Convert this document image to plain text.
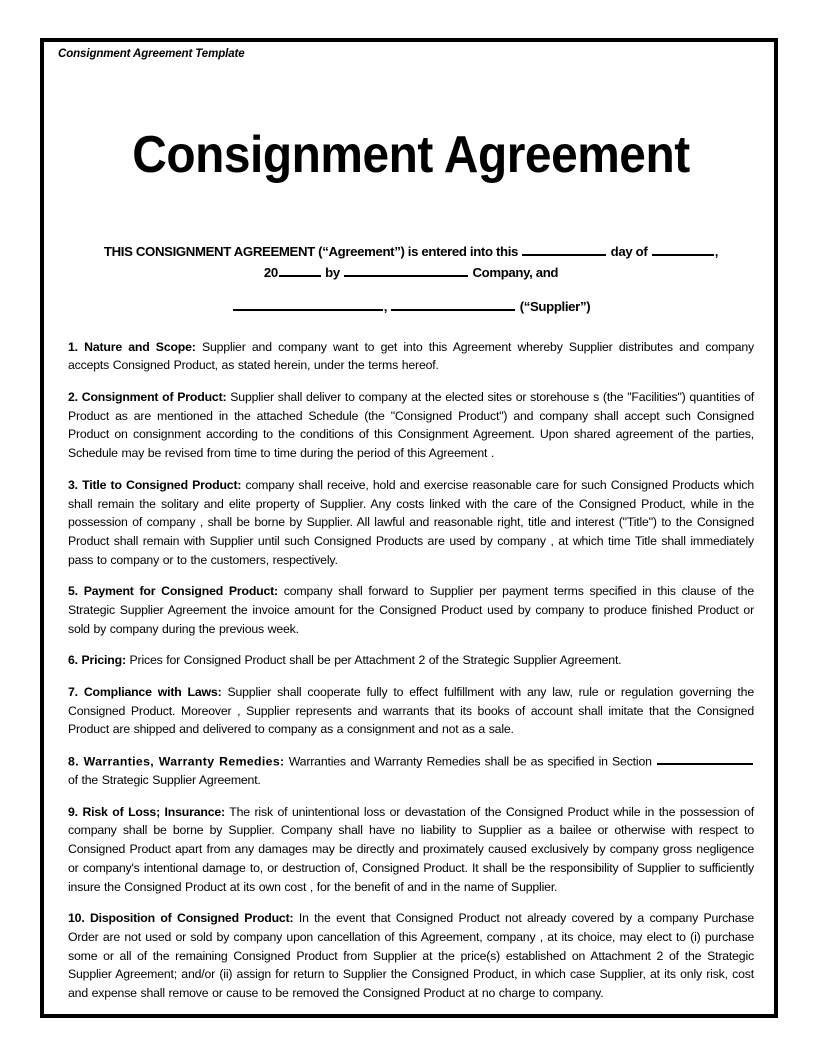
Consignment Agreement Template
Consignment Agreement
THIS CONSIGNMENT AGREEMENT (“Agreement”) is entered into this	day of	,
20	by	Company, and
,	(“Supplier”)

1. Nature and Scope: Supplier and company want to get into this Agreement whereby Supplier distributes and company accepts Consigned Product, as stated herein, under the terms hereof.

2. Consignment of Product: Supplier shall deliver to company at the elected sites or storehouse s (the "Facilities") quantities of Product as are mentioned in the attached Schedule (the "Consigned Product") and company shall accept such Consigned Product on consignment according to the conditions of this Consignment Agreement. Upon shared agreement of the parties, Schedule may be revised from time to time during the period of this Agreement .

3. Title to Consigned Product: company shall receive, hold and exercise reasonable care for such Consigned Products which shall remain the solitary and elite property of Supplier. Any costs linked with the care of the Consigned Product, while in the possession of company , shall be borne by Supplier. All lawful and reasonable right, title and interest ("Title") to the Consigned Product shall remain with Supplier until such Consigned Products are used by company , at which time Title shall immediately pass to company or to the customers, respectively.

5. Payment for Consigned Product: company shall forward to Supplier per payment terms specified in this clause of the Strategic Supplier Agreement the invoice amount for the Consigned Product used by company to produce finished Product or sold by company during the previous week.

6. Pricing: Prices for Consigned Product shall be per Attachment 2 of the Strategic Supplier Agreement.

7. Compliance with Laws: Supplier shall cooperate fully to effect fulfillment with any law, rule or regulation governing the Consigned Product. Moreover , Supplier represents and warrants that its books of account shall imitate that the Consigned Product are shipped and delivered to company as a consignment and not as a sale.

8. Warranties, Warranty Remedies: Warranties and Warranty Remedies shall be as specified in Section  of the Strategic Supplier Agreement.

9. Risk of Loss; Insurance: The risk of unintentional loss or devastation of the Consigned Product while in the possession of company shall be borne by Supplier. Company shall have no liability to Supplier as a bailee or otherwise with respect to Consigned Product apart from any damages may be directly and proximately caused exclusively by company gross negligence or company's intentional damage to, or destruction of, Consigned Product. It shall be the responsibility of Supplier to sufficiently insure the Consigned Product at its own cost , for the benefit of and in the name of Supplier.

10. Disposition of Consigned Product: In the event that Consigned Product not already covered by a company Purchase Order are not used or sold by company upon cancellation of this Agreement, company , at its choice, may elect to (i) purchase some or all of the remaining Consigned Product from Supplier at the price(s) established on Attachment 2 of the Strategic Supplier Agreement; and/or (ii) assign for return to Supplier the Consigned Product, in which case Supplier, at its only risk, cost and expense shall remove or cause to be removed the Consigned Product at no charge to company.
